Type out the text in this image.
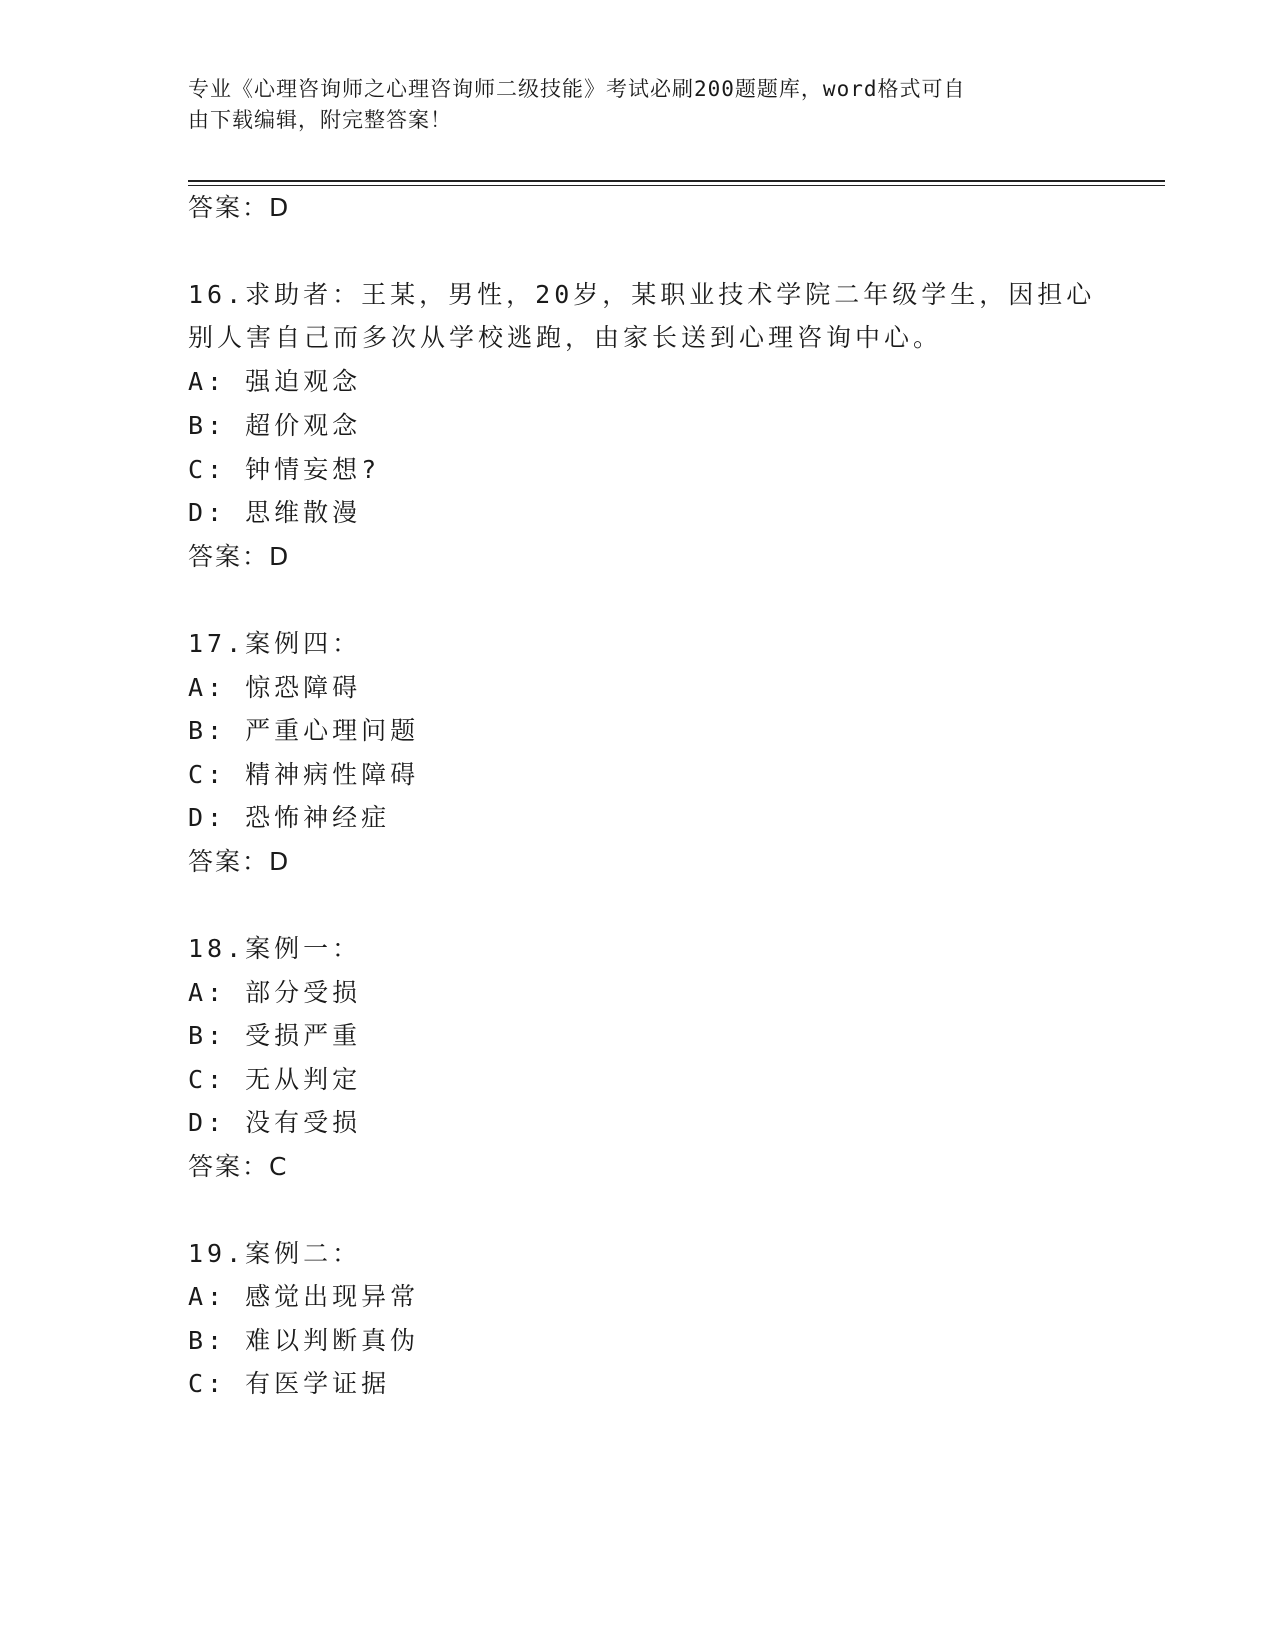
专业《心理咨询师之心理咨询师二级技能》考试必刷200题题库，word格式可自
由下载编辑，附完整答案！
答案：D
16.求助者：王某，男性，20岁，某职业技术学院二年级学生，因担心
别人害自己而多次从学校逃跑，由家长送到心理咨询中心。
A: 强迫观念
B: 超价观念
C: 钟情妄想?
D: 思维散漫
答案：D
17.案例四：
A: 惊恐障碍
B: 严重心理问题
C: 精神病性障碍
D: 恐怖神经症
答案：D
18.案例一：
A: 部分受损
B: 受损严重
C: 无从判定
D: 没有受损
答案：C
19.案例二：
A: 感觉出现异常
B: 难以判断真伪
C: 有医学证据
